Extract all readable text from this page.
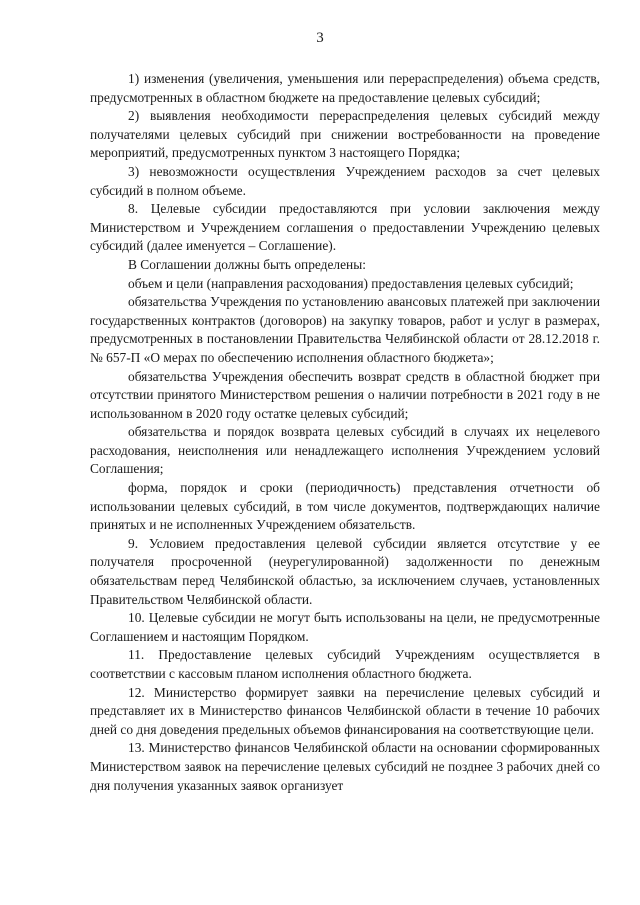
3

1) изменения (увеличения, уменьшения или перераспределения) объема средств, предусмотренных в областном бюджете на предоставление целевых субсидий;

2) выявления необходимости перераспределения целевых субсидий между получателями целевых субсидий при снижении востребованности на проведение мероприятий, предусмотренных пунктом 3 настоящего Порядка;

3) невозможности осуществления Учреждением расходов за счет целевых субсидий в полном объеме.

8. Целевые субсидии предоставляются при условии заключения между Министерством и Учреждением соглашения о предоставлении Учреждению целевых субсидий (далее именуется – Соглашение).

В Соглашении должны быть определены:

объем и цели (направления расходования) предоставления целевых субсидий;

обязательства Учреждения по установлению авансовых платежей при заключении государственных контрактов (договоров) на закупку товаров, работ и услуг в размерах, предусмотренных в постановлении Правительства Челябинской области от 28.12.2018 г. № 657-П «О мерах по обеспечению исполнения областного бюджета»;

обязательства Учреждения обеспечить возврат средств в областной бюджет при отсутствии принятого Министерством решения о наличии потребности в 2021 году в не использованном в 2020 году остатке целевых субсидий;

обязательства и порядок возврата целевых субсидий в случаях их нецелевого расходования, неисполнения или ненадлежащего исполнения Учреждением условий Соглашения;

форма, порядок и сроки (периодичность) представления отчетности об использовании целевых субсидий, в том числе документов, подтверждающих наличие принятых и не исполненных Учреждением обязательств.

9. Условием предоставления целевой субсидии является отсутствие у ее получателя просроченной (неурегулированной) задолженности по денежным обязательствам перед Челябинской областью, за исключением случаев, установленных Правительством Челябинской области.

10. Целевые субсидии не могут быть использованы на цели, не предусмотренные Соглашением и настоящим Порядком.

11. Предоставление целевых субсидий Учреждениям осуществляется в соответствии с кассовым планом исполнения областного бюджета.

12. Министерство формирует заявки на перечисление целевых субсидий и представляет их в Министерство финансов Челябинской области в течение 10 рабочих дней со дня доведения предельных объемов финансирования на соответствующие цели.

13. Министерство финансов Челябинской области на основании сформированных Министерством заявок на перечисление целевых субсидий не позднее 3 рабочих дней со дня получения указанных заявок организует
